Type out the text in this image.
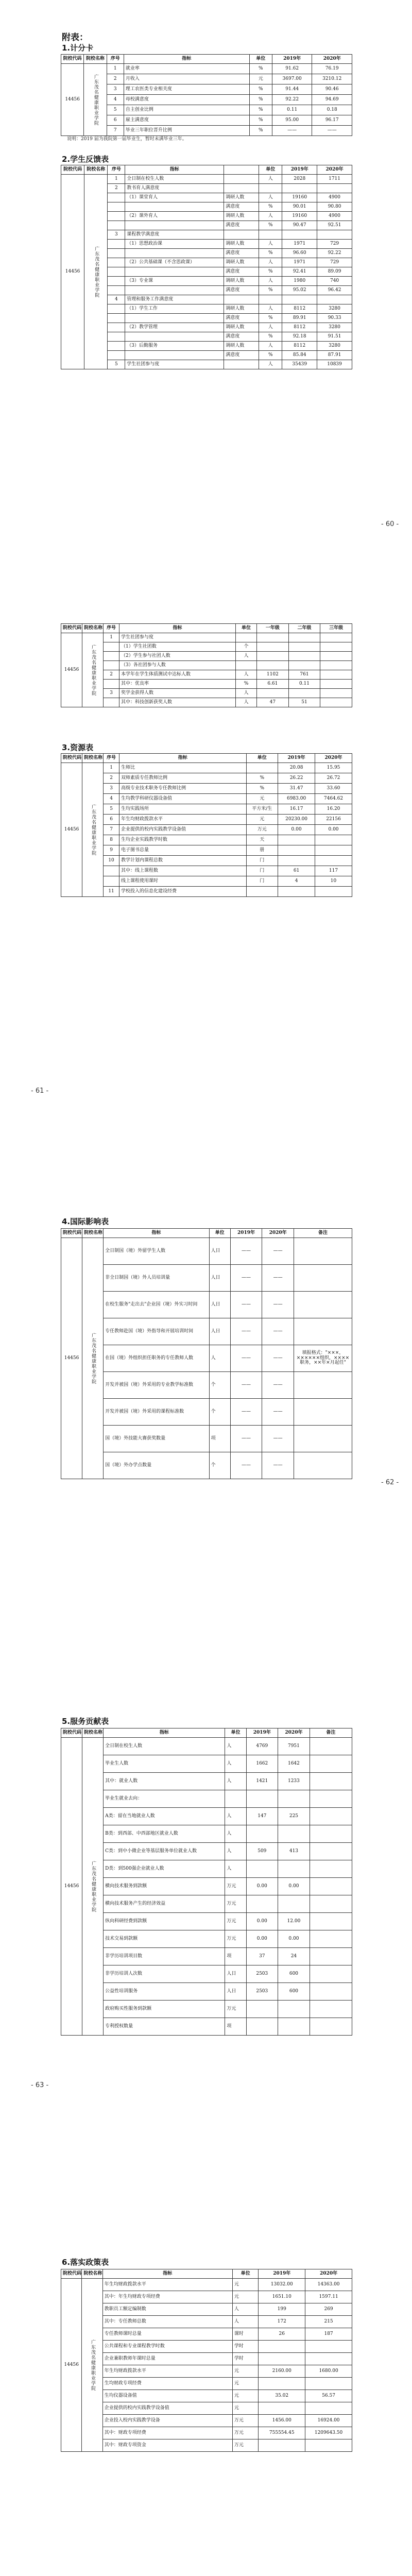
附表：
1.计分卡
院校代码	院校名称	序号	指标	单位	2019年	2020年
14456	广东茂名健康职业学院	1	就业率	%	91.62	76.19
		2	月收入	元	3697.00	3210.12
		3	理工农医类专业相关度	%	91.44	90.46
		4	母校满意度	%	92.22	94.69
		5	自主创业比例	%	0.11	0.18
		6	雇主满意度	%	95.00	96.17
		7	毕业三年职位晋升比例	%	——	——
说明：2019 届为我院第一届毕业生，暂时未满毕业三年。
2.学生反馈表
院校代码	院校名称	序号	指标		单位	2019年	2020年
14456	广东茂名健康职业学院	1	全日制在校生人数		人	2028	1711
		2	教书育人满意度				
			（1）课堂育人	调研人数	人	19160	4900
				满意度	%	90.01	90.80
			（2）课外育人	调研人数	人	19160	4900
				满意度	%	90.47	92.51
		3	课程教学满意度				
			（1）思想政治课	调研人数	人	1971	729
				满意度	%	96.60	92.22
			（2）公共基础课（不含思政课）	调研人数	人	1971	729
				满意度	%	92.41	89.09
			（3）专业课	调研人数	人	1980	740
				满意度	%	95.02	96.42
		4	管理和服务工作满意度				
			（1）学生工作	调研人数	人	8112	3280
				满意度	%	89.91	90.33
			（2）教学管理	调研人数	人	8112	3280
				满意度	%	92.18	91.51
			（3）后勤服务	调研人数	人	8112	3280
				满意度	%	85.84	87.91
		5	学生社团参与度		人	35439	10839
- 60 -
院校代码	院校名称	序号	指标	单位	一年级	二年级	三年级
14456	广东茂名健康职业学院	1	学生社团参与度				
			（1）学生社团数	个			
			（2）学生参与社团人数	人			
			（3）各社团参与人数				
		2	本学年在学生体质测试中达标人数	人	1102	761	
			其中：优良率	%	6.61	0.11	
		3	奖学金获得人数	人			
			其中：科技创新获奖人数	人	47	51	
3.资源表
院校代码	院校名称	序号	指标	单位	2019年	2020年
14456	广东茂名健康职业学院	1	生师比		20.08	15.95
		2	双师素质专任教师比例	%	26.22	26.72
		3	高级专业技术职务专任教师比例	%	31.47	33.60
		4	生均教学科研仪器设备值	元	6983.00	7464.62
		5	生均实践场所	平方米/生	16.17	16.20
		6	年生均财政拨款水平	元	20230.00	22156
		7	企业提供的校内实践教学设备值	万元	0.00	0.00
		8	生均企业实践教学时数	天		
		9	电子图书总量	册		
		10	教学计划内课程总数	门		
			其中：线上课程数	门	61	117
			线上课程使用课时	门	4	10
		11	学校投入的信息化建设经费			
- 61 -
4.国际影响表
院校代码	院校名称	指标	单位	2019年	2020年	备注
14456	广东茂名健康职业学院	全日制国（境）外留学生人数	人日	——	——	
		非全日制国（境）外人员培训量	人日	——	——	
		在校生服务"走出去"企业国（境）外实习时间	人日	——	——	
		专任教师赴国（境）外指导和开展培训时间	人日	——	——	
		在国（境）外组织担任职务的专任教师人数	人	——	——	填报格式："×××，××××××组织，××××职务，××年×月起任"
		开发并被国（境）外采用的专业教学标准数	个	——	——	
		开发并被国（境）外采用的课程标准数	个	——	——	
		国（境）外技能大赛获奖数量	项	——	——	
		国（境）外办学点数量	个	——	——	
- 62 -
5.服务贡献表
院校代码	院校名称	指标	单位	2019年	2020年	备注
14456	广东茂名健康职业学院	全日制在校生人数	人	4769	7951	
		毕业生人数	人	1662	1642	
		其中：就业人数	人	1421	1233	
		毕业生就业去向：				
		A类：留在当地就业人数	人	147	225	
		B类：到西部、中西部地区就业人数	人			
		C类：到中小微企业等基层服务单位就业人数	人	509	413	
		D类：到500强企业就业人数	人			
		横向技术服务到款额	万元	0.00	0.00	
		横向技术服务产生的经济效益	万元			
		纵向科研经费到款额	万元	0.00	12.00	
		技术交易到款额	万元	0.00	0.00	
		非学历培训项目数	项	37	24	
		非学历培训人次数	人日	2503	600	
		公益性培训服务	人日	2503	600	
		政府购买性服务到款额	万元			
		专利授权数量	项			
- 63 -
6.落实政策表
院校代码	院校名称	指标	单位	2019年	2020年
14456	广东茂名健康职业学院	年生均财政拨款水平	元	13032.00	14363.00
		其中：年生均财政专项经费	元	1651.10	1597.11
		教职员工额定编制数	人	199	269
		其中：专任教师总数	人	172	215
		专任教师课时总量	课时	26	187
		公共课程和专业课程教学时数	学时		
		企业兼职教师年课时总量	学时		
		年生均财政拨款水平	元	2160.00	1680.00
		生均财政专项经费	元		
		生均仪器设备值	元	35.02	56.57
		企业提供的校内实践教学设备值	元		
		企业投入校内实践教学设备	万元	1456.00	16924.00
		其中：财政专项经费	万元	755554.45	1209643.50
		其中：财政专项资金	万元		
